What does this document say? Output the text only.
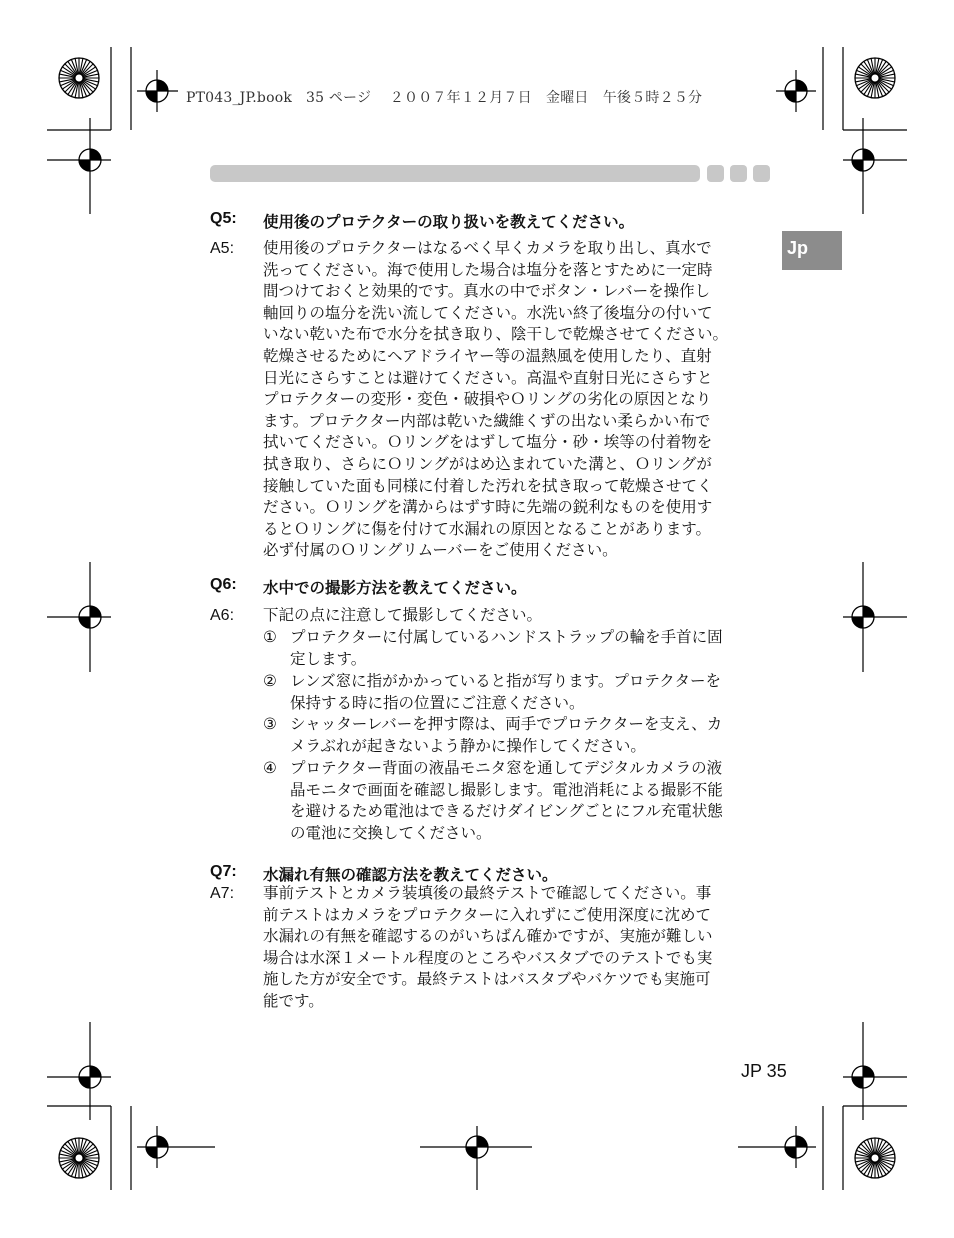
PT043_JP.book 35 ページ ２００７年１２月７日　金曜日　午後５時２５分
Jp
Q5: 使用後のプロテクターの取り扱いを教えてください。
A5: 使用後のプロテクターはなるべく早くカメラを取り出し、真水で
洗ってください。海で使用した場合は塩分を落とすために一定時
間つけておくと効果的です。真水の中でボタン・レバーを操作し
軸回りの塩分を洗い流してください。水洗い終了後塩分の付いて
いない乾いた布で水分を拭き取り、陰干しで乾燥させてください。
乾燥させるためにヘアドライヤー等の温熱風を使用したり、直射
日光にさらすことは避けてください。高温や直射日光にさらすと
プロテクターの変形・変色・破損やＯリングの劣化の原因となり
ます。プロテクター内部は乾いた繊維くずの出ない柔らかい布で
拭いてください。Ｏリングをはずして塩分・砂・埃等の付着物を
拭き取り、さらにＯリングがはめ込まれていた溝と、Ｏリングが
接触していた面も同様に付着した汚れを拭き取って乾燥させてく
ださい。Ｏリングを溝からはずす時に先端の鋭利なものを使用す
るとＯリングに傷を付けて水漏れの原因となることがあります。
必ず付属のＯリングリムーバーをご使用ください。
Q6: 水中での撮影方法を教えてください。
A6: 下記の点に注意して撮影してください。
① プロテクターに付属しているハンドストラップの輪を手首に固
定します。
② レンズ窓に指がかかっていると指が写ります。プロテクターを
保持する時に指の位置にご注意ください。
③ シャッターレバーを押す際は、両手でプロテクターを支え、カ
メラぶれが起きないよう静かに操作してください。
④ プロテクター背面の液晶モニタ窓を通してデジタルカメラの液
晶モニタで画面を確認し撮影します。電池消耗による撮影不能
を避けるため電池はできるだけダイビングごとにフル充電状態
の電池に交換してください。
Q7: 水漏れ有無の確認方法を教えてください。
A7: 事前テストとカメラ装填後の最終テストで確認してください。事
前テストはカメラをプロテクターに入れずにご使用深度に沈めて
水漏れの有無を確認するのがいちばん確かですが、実施が難しい
場合は水深１メートル程度のところやバスタブでのテストでも実
施した方が安全です。最終テストはバスタブやバケツでも実施可
能です。
JP 35
